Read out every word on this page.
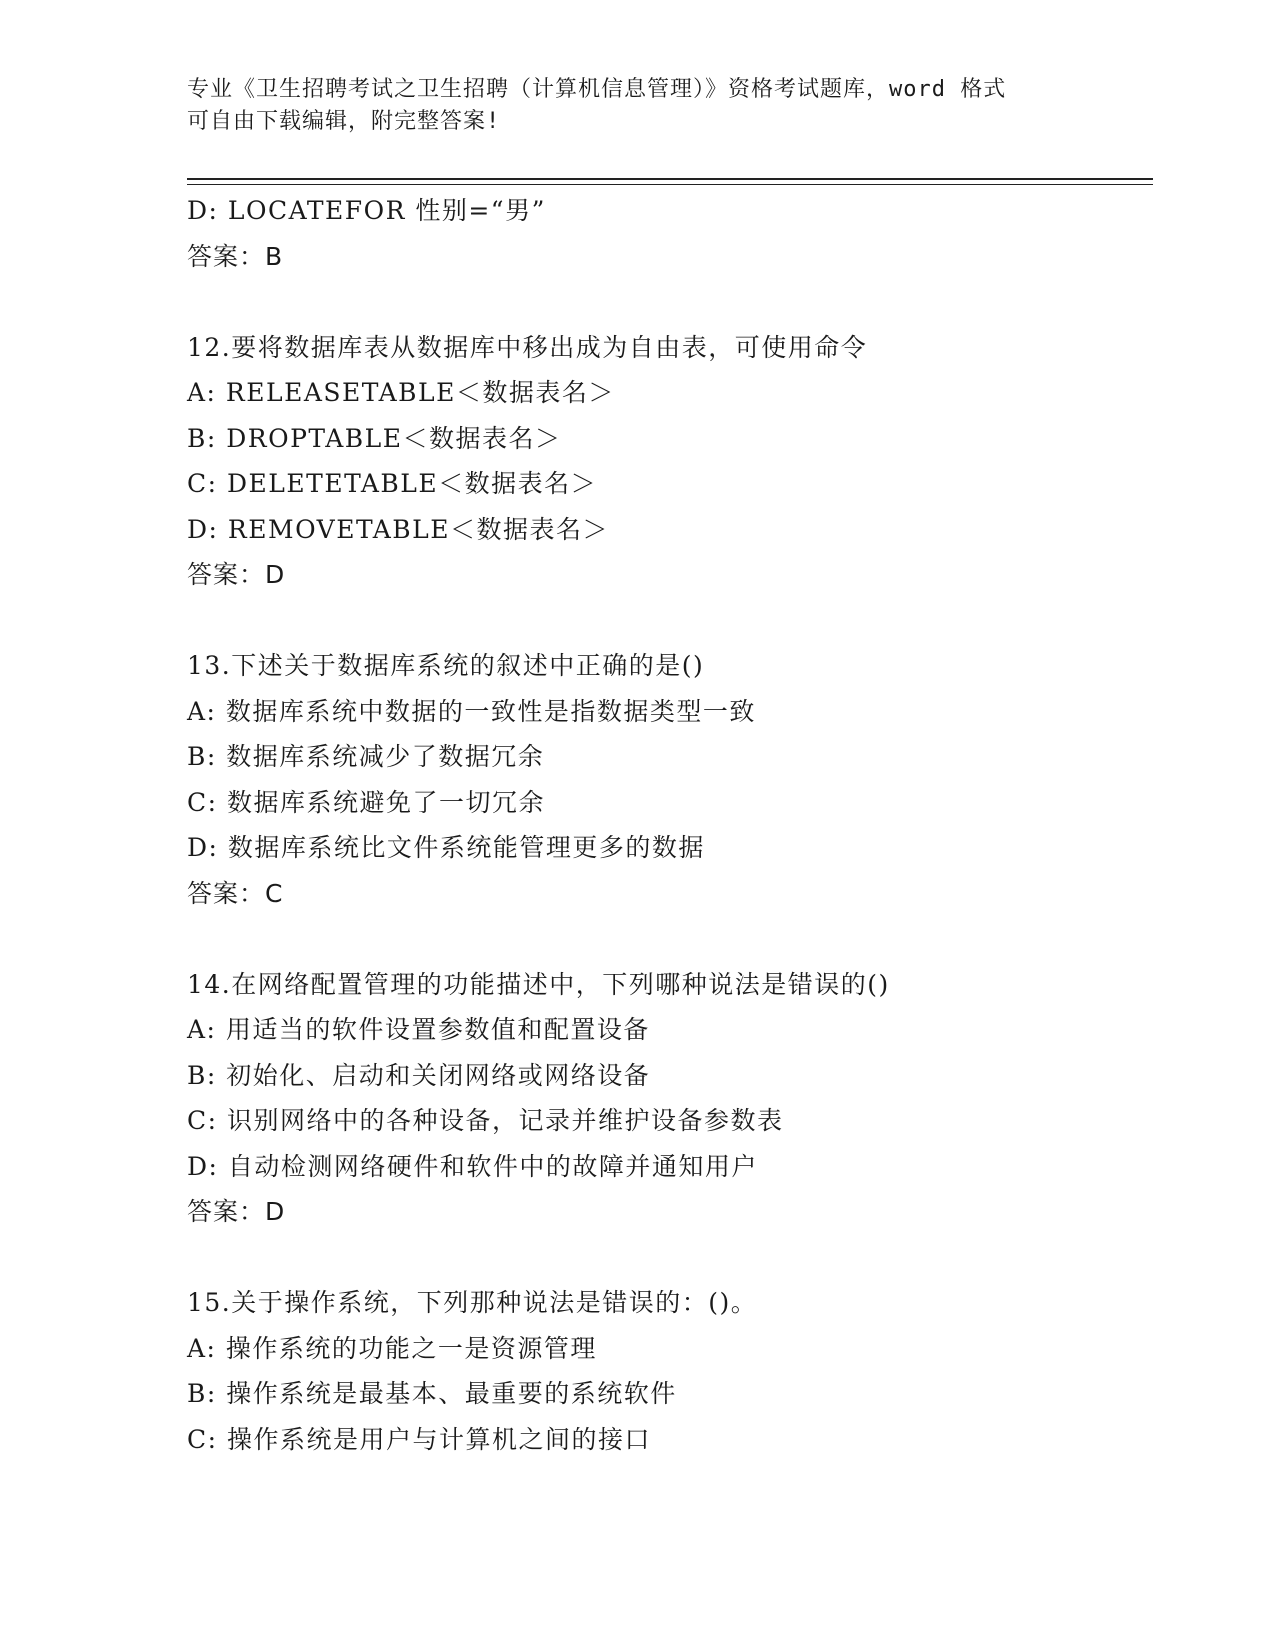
专业《卫生招聘考试之卫生招聘（计算机信息管理）》资格考试题库，word 格式
可自由下载编辑，附完整答案!
D: LOCATEFOR 性别=“男”
答案：B
12.要将数据库表从数据库中移出成为自由表，可使用命令
A: RELEASETABLE＜数据表名＞
B: DROPTABLE＜数据表名＞
C: DELETETABLE＜数据表名＞
D: REMOVETABLE＜数据表名＞
答案：D
13.下述关于数据库系统的叙述中正确的是()
A: 数据库系统中数据的一致性是指数据类型一致
B: 数据库系统减少了数据冗余
C: 数据库系统避免了一切冗余
D: 数据库系统比文件系统能管理更多的数据
答案：C
14.在网络配置管理的功能描述中，下列哪种说法是错误的()
A: 用适当的软件设置参数值和配置设备
B: 初始化、启动和关闭网络或网络设备
C: 识别网络中的各种设备，记录并维护设备参数表
D: 自动检测网络硬件和软件中的故障并通知用户
答案：D
15.关于操作系统，下列那种说法是错误的：()。
A: 操作系统的功能之一是资源管理
B: 操作系统是最基本、最重要的系统软件
C: 操作系统是用户与计算机之间的接口
